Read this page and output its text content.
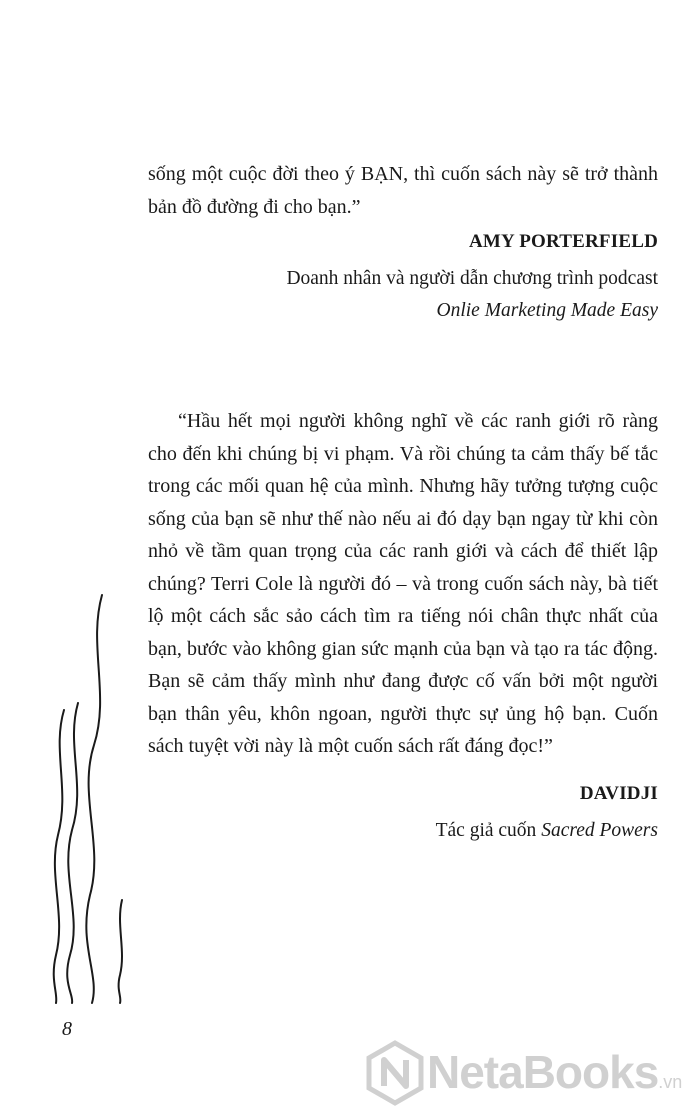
sống một cuộc đời theo ý BẠN, thì cuốn sách này sẽ trở thành bản đồ đường đi cho bạn.”

AMY PORTERFIELD

Doanh nhân và người dẫn chương trình podcast
Onlie Marketing Made Easy

“Hầu hết mọi người không nghĩ về các ranh giới rõ ràng cho đến khi chúng bị vi phạm. Và rồi chúng ta cảm thấy bế tắc trong các mối quan hệ của mình. Nhưng hãy tưởng tượng cuộc sống của bạn sẽ như thế nào nếu ai đó dạy bạn ngay từ khi còn nhỏ về tầm quan trọng của các ranh giới và cách để thiết lập chúng? Terri Cole là người đó – và trong cuốn sách này, bà tiết lộ một cách sắc sảo cách tìm ra tiếng nói chân thực nhất của bạn, bước vào không gian sức mạnh của bạn và tạo ra tác động. Bạn sẽ cảm thấy mình như đang được cố vấn bởi một người bạn thân yêu, khôn ngoan, người thực sự ủng hộ bạn. Cuốn sách tuyệt vời này là một cuốn sách rất đáng đọc!”

DAVIDJI

Tác giả cuốn Sacred Powers
8
NetaBooks.vn
